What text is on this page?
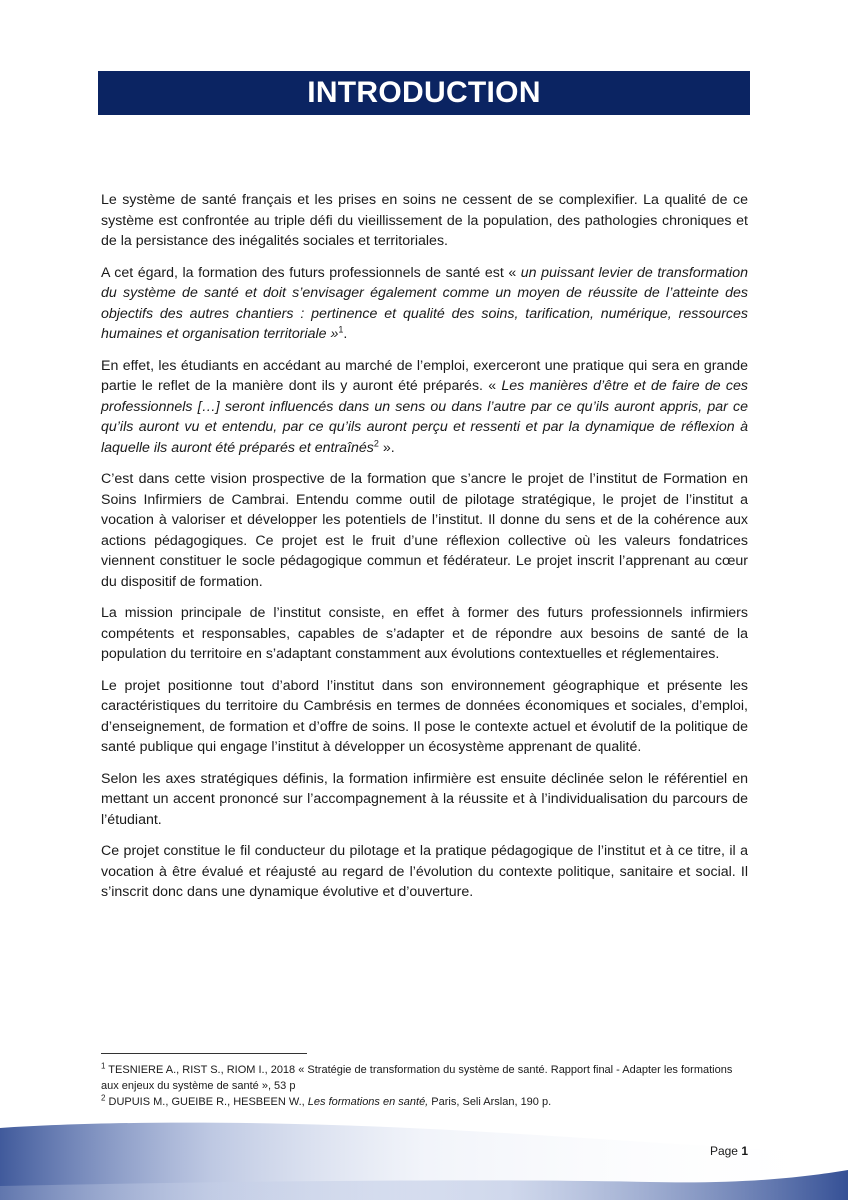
INTRODUCTION

Le système de santé français et les prises en soins ne cessent de se complexifier. La qualité de ce système est confrontée au triple défi du vieillissement de la population, des pathologies chroniques et de la persistance des inégalités sociales et territoriales.

A cet égard, la formation des futurs professionnels de santé est « un puissant levier de transformation du système de santé et doit s’envisager également comme un moyen de réussite de l’atteinte des objectifs des autres chantiers : pertinence et qualité des soins, tarification, numérique, ressources humaines et organisation territoriale »$^1$.

En effet, les étudiants en accédant au marché de l’emploi, exerceront une pratique qui sera en grande partie le reflet de la manière dont ils y auront été préparés. « Les manières d’être et de faire de ces professionnels […] seront influencés dans un sens ou dans l’autre par ce qu’ils auront appris, par ce qu’ils auront vu et entendu, par ce qu’ils auront perçu et ressenti et par la dynamique de réflexion à laquelle ils auront été préparés et entraînés$^2$ ».

C’est dans cette vision prospective de la formation que s’ancre le projet de l’institut de Formation en Soins Infirmiers de Cambrai. Entendu comme outil de pilotage stratégique, le projet de l’institut a vocation à valoriser et développer les potentiels de l’institut. Il donne du sens et de la cohérence aux actions pédagogiques. Ce projet est le fruit d’une réflexion collective où les valeurs fondatrices viennent constituer le socle pédagogique commun et fédérateur. Le projet inscrit l’apprenant au cœur du dispositif de formation.

La mission principale de l’institut consiste, en effet à former des futurs professionnels infirmiers compétents et responsables, capables de s’adapter et de répondre aux besoins de santé de la population du territoire en s’adaptant constamment aux évolutions contextuelles et réglementaires.

Le projet positionne tout d’abord l’institut dans son environnement géographique et présente les caractéristiques du territoire du Cambrésis en termes de données économiques et sociales, d’emploi, d’enseignement, de formation et d’offre de soins. Il pose le contexte actuel et évolutif de la politique de santé publique qui engage l’institut à développer un écosystème apprenant de qualité.

Selon les axes stratégiques définis, la formation infirmière est ensuite déclinée selon le référentiel en mettant un accent prononcé sur l’accompagnement à la réussite et à l’individualisation du parcours de l’étudiant.

Ce projet constitue le fil conducteur du pilotage et la pratique pédagogique de l’institut et à ce titre, il a vocation à être évalué et réajusté au regard de l’évolution du contexte politique, sanitaire et social. Il s’inscrit donc dans une dynamique évolutive et d’ouverture.

$^1$ TESNIERE A., RIST S., RIOM I., 2018 « Stratégie de transformation du système de santé. Rapport final - Adapter les formations aux enjeux du système de santé », 53 p

$^2$ DUPUIS M., GUEIBE R., HESBEEN W., Les formations en santé, Paris, Seli Arslan, 190 p.

Page 1
